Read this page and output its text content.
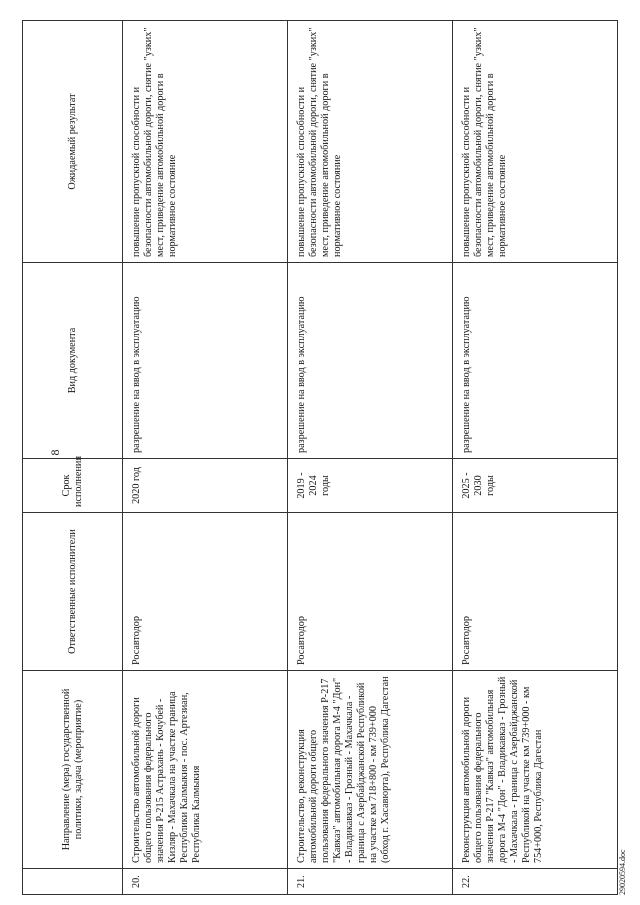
8
	Направление (мера) государственной политики, задача (мероприятие)	Ответственные исполнители	Срок исполнения	Вид документа	Ожидаемый результат
20.	Строительство автомобильной дороги общего пользования федерального значения Р-215 Астрахань - Кочубей - Кизляр - Махачкала на участке граница Республики Калмыкия - пос. Артезиан, Республика Калмыкия	Росавтодор	2020 год	разрешение на ввод в эксплуатацию	повышение пропускной способности и безопасности автомобильной дороги, снятие "узких" мест, приведение автомобильной дороги в нормативное состояние
21.	Строительство, реконструкция автомобильной дороги общего пользования федерального значения Р-217 "Кавказ" автомобильная дорога М-4 "Дон" - Владикавказ - Грозный - Махачкала - граница с Азербайджанской Республикой на участке км 718+800 - км 739+000 (обход г. Хасавюрта), Республика Дагестан	Росавтодор	2019 - 2024 годы	разрешение на ввод в эксплуатацию	повышение пропускной способности и безопасности автомобильной дороги, снятие "узких" мест, приведение автомобильной дороги в нормативное состояние
22.	Реконструкция автомобильной дороги общего пользования федерального значения Р-217 "Кавказ" автомобильная дорога М-4 "Дон" - Владикавказ - Грозный - Махачкала - граница с Азербайджанской Республикой на участке км 739+000 - км 754+000, Республика Дагестан	Росавтодор	2025 - 2030 годы	разрешение на ввод в эксплуатацию	повышение пропускной способности и безопасности автомобильной дороги, снятие "узких" мест, приведение автомобильной дороги в нормативное состояние
29020594.doc
